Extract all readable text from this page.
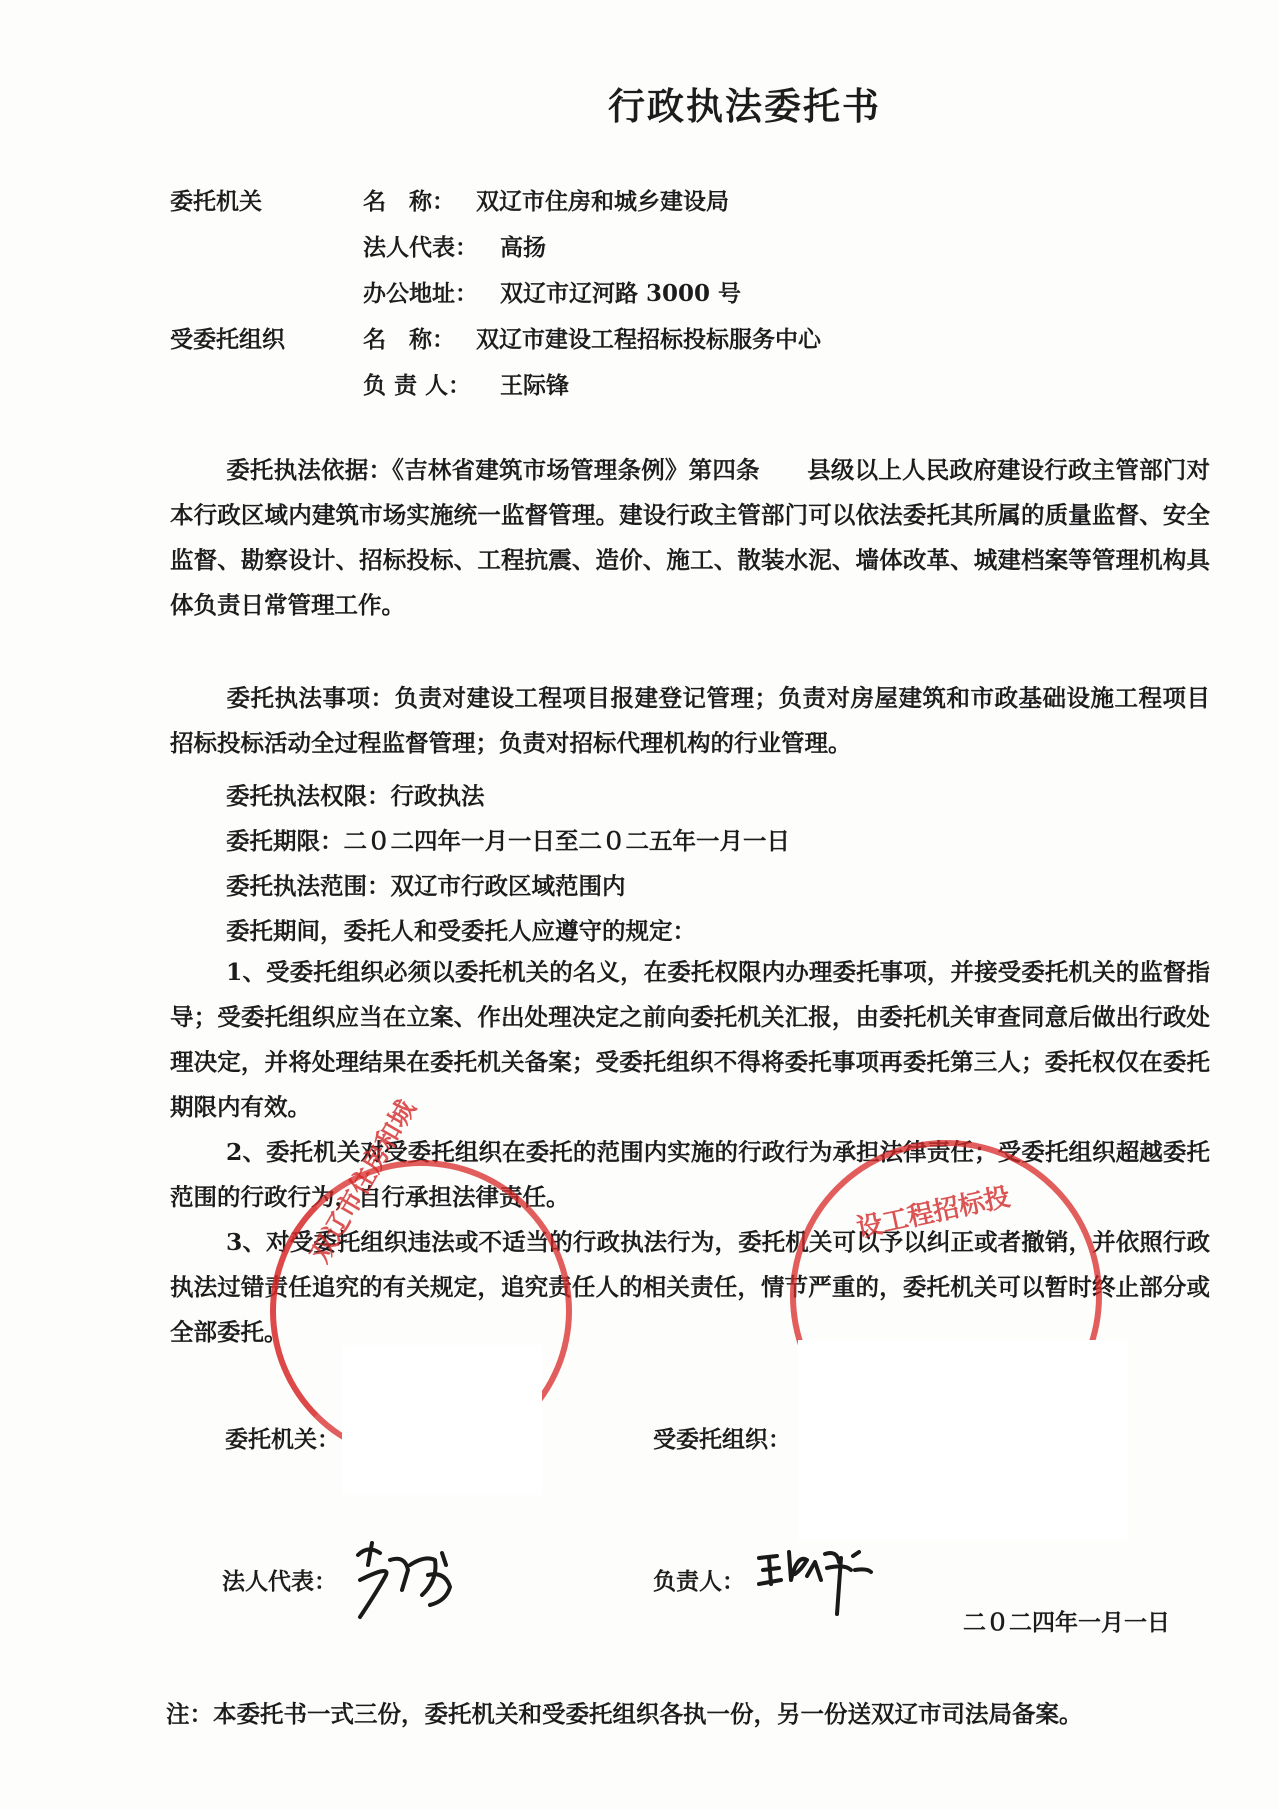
行政执法委托书
委托机关	名　称： 双辽市住房和城乡建设局
法人代表： 高扬
办公地址： 双辽市辽河路 3000 号
受委托组织	名　称： 双辽市建设工程招标投标服务中心
负 责 人： 王际锋
委托执法依据：《吉林省建筑市场管理条例》第四条　　 县级以上人民政府建设行政主管部门对本行政区域内建筑市场实施统一监督管理。建设行政主管部门可以依法委托其所属的质量监督、安全监督、勘察设计、招标投标、工程抗震、造价、施工、散装水泥、墙体改革、城建档案等管理机构具体负责日常管理工作。
委托执法事项：负责对建设工程项目报建登记管理；负责对房屋建筑和市政基础设施工程项目招标投标活动全过程监督管理；负责对招标代理机构的行业管理。
委托执法权限：行政执法
委托期限：二０二四年一月一日至二０二五年一月一日
委托执法范围：双辽市行政区域范围内
委托期间，委托人和受委托人应遵守的规定：
1、受委托组织必须以委托机关的名义，在委托权限内办理委托事项，并接受委托机关的监督指导；受委托组织应当在立案、作出处理决定之前向委托机关汇报，由委托机关审查同意后做出行政处理决定，并将处理结果在委托机关备案；受委托组织不得将委托事项再委托第三人；委托权仅在委托期限内有效。
2、委托机关对受委托组织在委托的范围内实施的行政行为承担法律责任；受委托组织超越委托范围的行政行为，自行承担法律责任。
3、对受委托组织违法或不适当的行政执法行为，委托机关可以予以纠正或者撤销，并依照行政执法过错责任追究的有关规定，追究责任人的相关责任，情节严重的，委托机关可以暂时终止部分或全部委托。
双辽市住房和城	设工程招标投
委托机关：	受委托组织：
法人代表：	负责人：
二０二四年一月一日
注：本委托书一式三份，委托机关和受委托组织各执一份，另一份送双辽市司法局备案。
